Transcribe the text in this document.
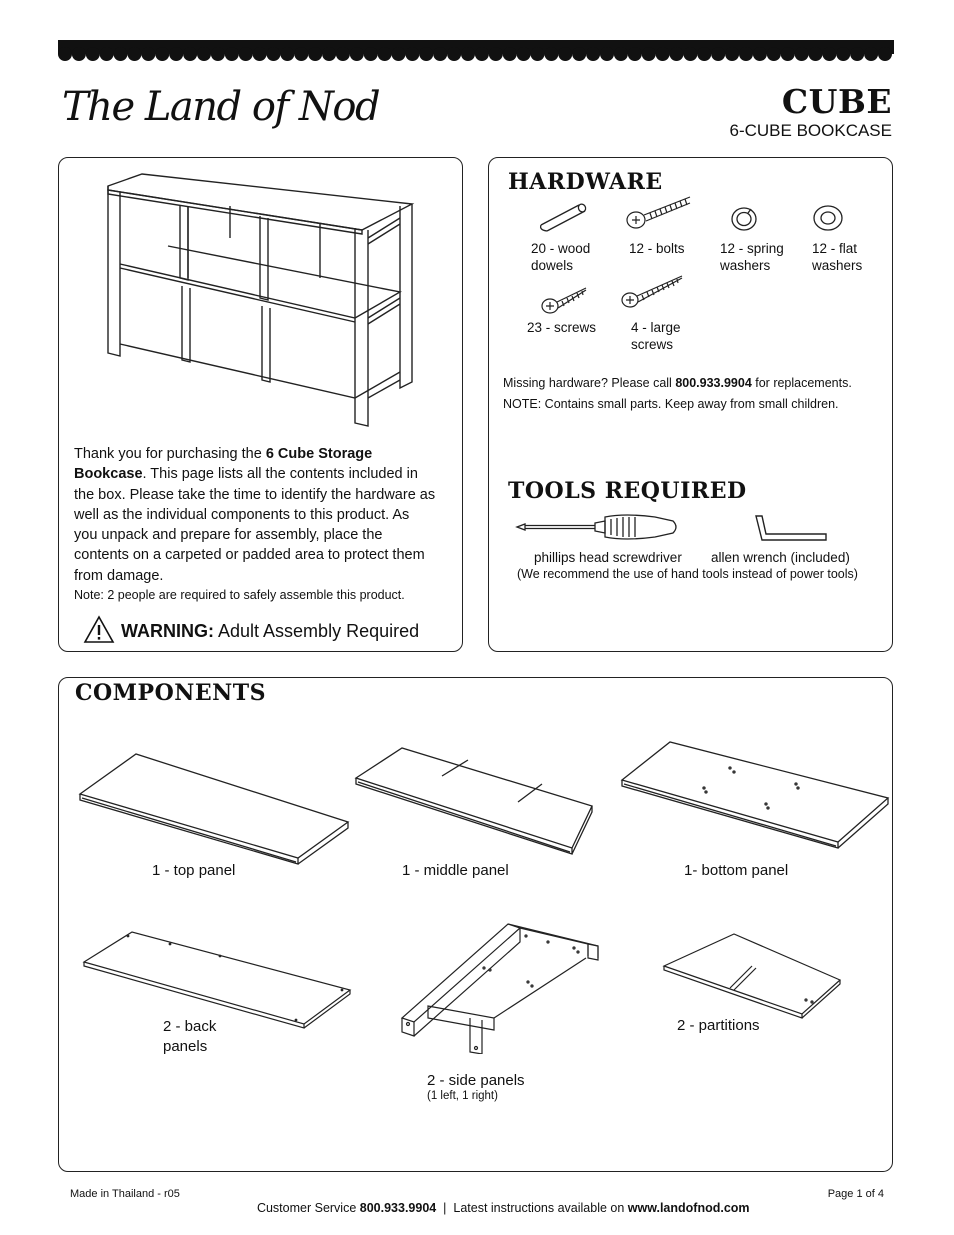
The Land of Nod	CUBE
6-CUBE BOOKCASE
Thank you for purchasing the 6 Cube Storage
Bookcase. This page lists all the contents included in
the box. Please take the time to identify the hardware as
well as the individual components to this product. As
you unpack and prepare for assembly, place the
contents on a carpeted or padded area to protect them
from damage.
Note: 2 people are required to safely assemble this product.
WARNING: Adult Assembly Required
HARDWARE
20 - wood
dowels
12 - bolts	12 - spring
washers
12 - flat
washers
23 - screws	4 - large
screws
Missing hardware? Please call 800.933.9904 for replacements.
NOTE: Contains small parts. Keep away from small children.
TOOLS REQUIRED
phillips head screwdriver allen wrench (included)
(We recommend the use of hand tools instead of power tools)
COMPONENTS
1 - top panel	1 - middle panel	1- bottom panel
2 - back
panels
2 - side panels
(1 left, 1 right)
2 - partitions
Made in Thailand - r05

Customer Service 800.933.9904  |  Latest instructions available on www.landofnod.com

Page 1 of 4
